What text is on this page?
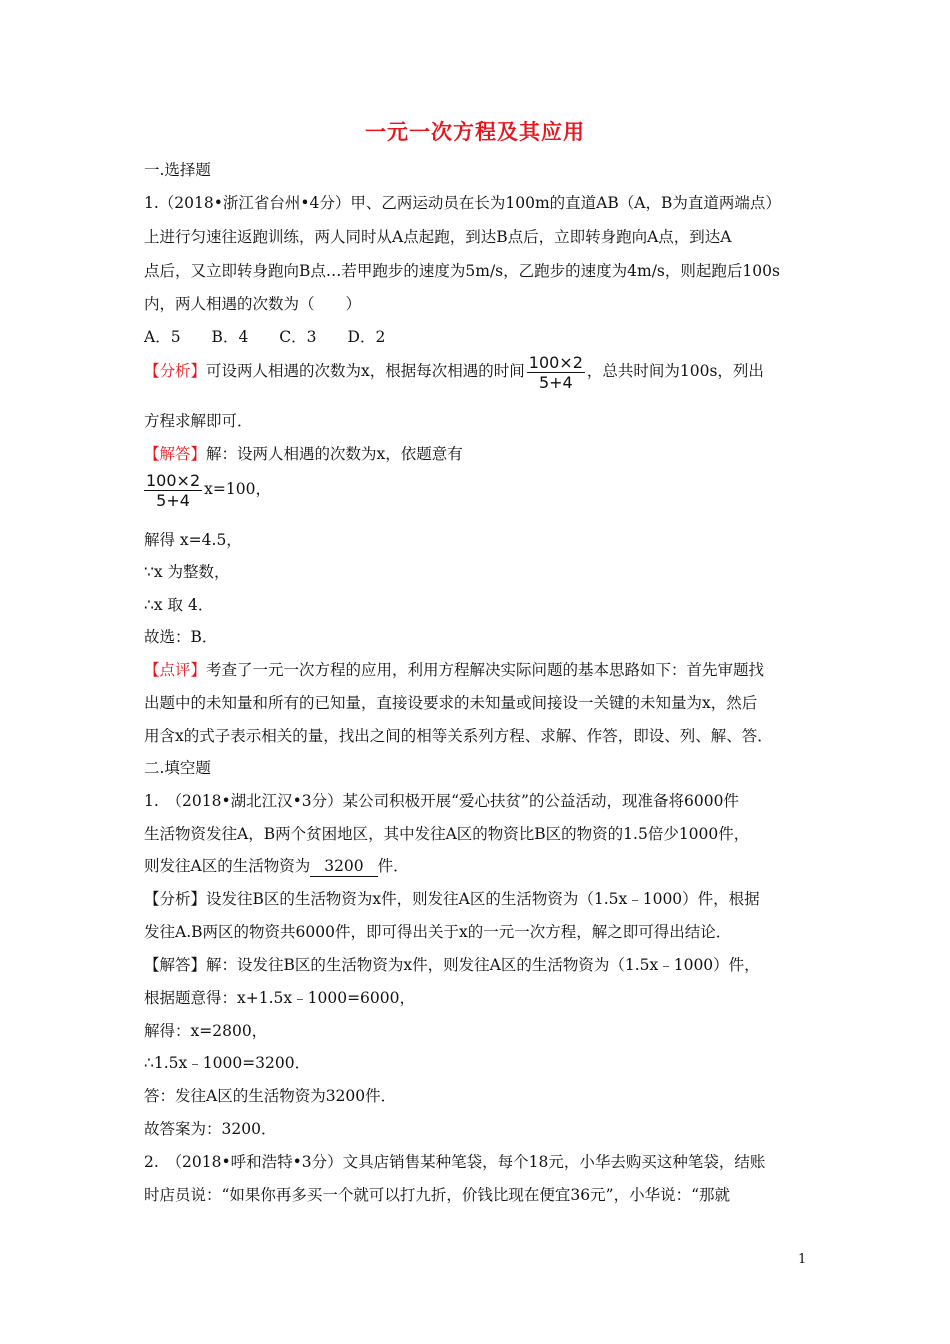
一元一次方程及其应用
一.选择题
1.（2018•浙江省台州•4分）甲、乙两运动员在长为100m的直道AB（A，B为直道两端点）
上进行匀速往返跑训练，两人同时从A点起跑，到达B点后，立即转身跑向A点，到达A
点后，又立即转身跑向B点…若甲跑步的速度为5m/s，乙跑步的速度为4m/s，则起跑后100s
内，两人相遇的次数为（　　）
A．5　　B．4　　C．3　　D．2
【分析】可设两人相遇的次数为x，根据每次相遇的时间 $\frac{100\times 2}{5+4}$ ，总共时间为100s，列出
方程求解即可．
【解答】解：设两人相遇的次数为x，依题意有
$\frac{100\times 2}{5+4} x=100$，
解得 x=4.5，
∵x 为整数，
∴x 取 4．
故选：B．
【点评】考查了一元一次方程的应用，利用方程解决实际问题的基本思路如下：首先审题找
出题中的未知量和所有的已知量，直接设要求的未知量或间接设一关键的未知量为x，然后
用含x的式子表示相关的量，找出之间的相等关系列方程、求解、作答，即设、列、解、答．
二.填空题
1.　（2018•湖北江汉•3分）某公司积极开展“爱心扶贫”的公益活动，现准备将6000件
生活物资发往A，B两个贫困地区，其中发往A区的物资比B区的物资的1.5倍少1000件，
则发往A区的生活物资为 3200 件．
【分析】设发往B区的生活物资为x件，则发往A区的生活物资为（1.5x﹣1000）件，根据
发往A.B两区的物资共6000件，即可得出关于x的一元一次方程，解之即可得出结论．
【解答】解：设发往B区的生活物资为x件，则发往A区的生活物资为（1.5x﹣1000）件，
根据题意得：x+1.5x﹣1000=6000，
解得：x=2800，
∴1.5x﹣1000=3200．
答：发往A区的生活物资为3200件．
故答案为：3200．
2.　（2018•呼和浩特•3分）文具店销售某种笔袋，每个18元，小华去购买这种笔袋，结账
时店员说：“如果你再多买一个就可以打九折，价钱比现在便宜36元”，小华说：“那就
1
